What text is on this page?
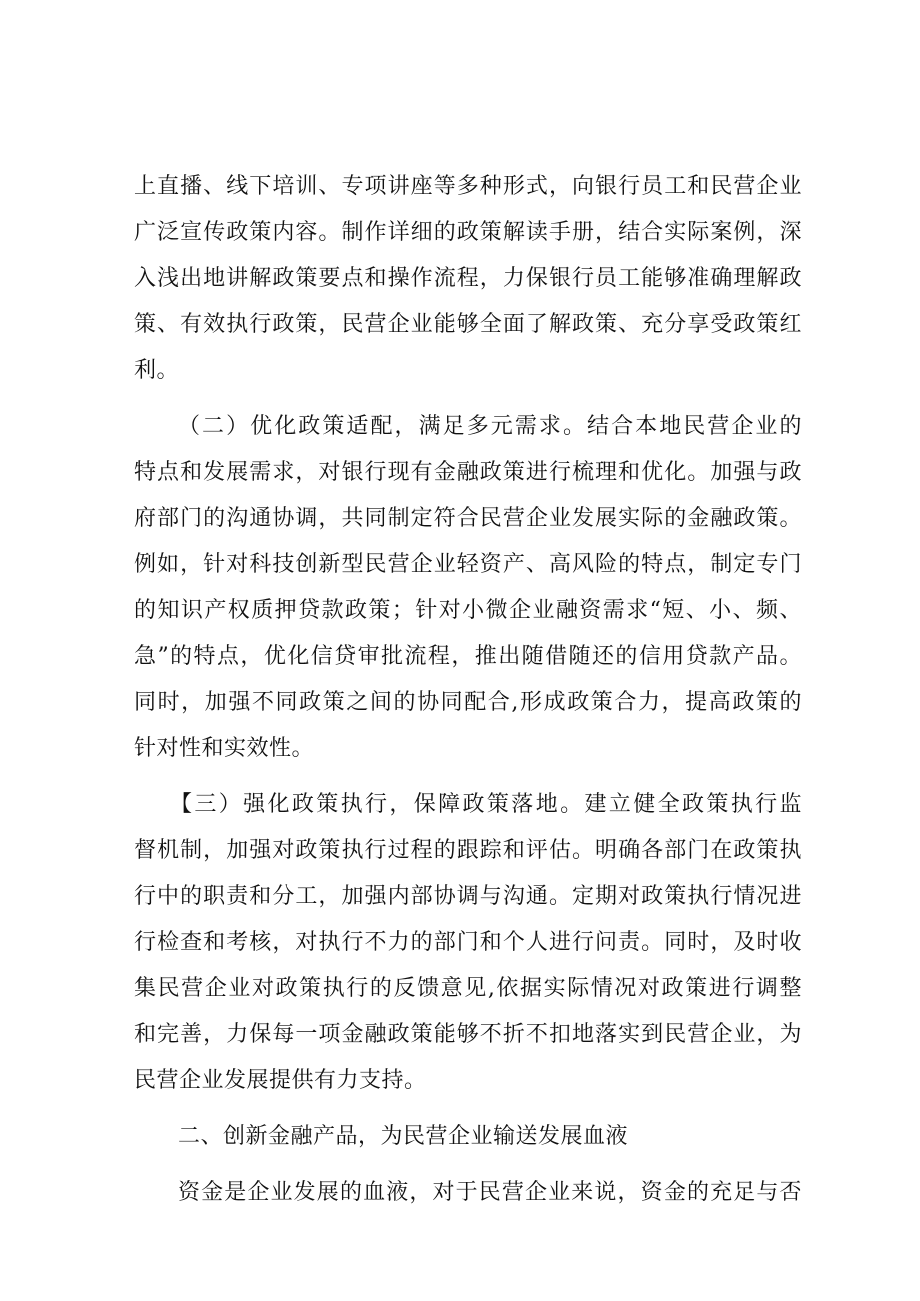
上直播、线下培训、专项讲座等多种形式，向银行员工和民营企业
广泛宣传政策内容。制作详细的政策解读手册，结合实际案例，深
入浅出地讲解政策要点和操作流程，力保银行员工能够准确理解政
策、有效执行政策，民营企业能够全面了解政策、充分享受政策红
利。
（二）优化政策适配，满足多元需求。结合本地民营企业的
特点和发展需求，对银行现有金融政策进行梳理和优化。加强与政
府部门的沟通协调，共同制定符合民营企业发展实际的金融政策。
例如，针对科技创新型民营企业轻资产、高风险的特点，制定专门
的知识产权质押贷款政策；针对小微企业融资需求“短、小、频、
急”的特点，优化信贷审批流程，推出随借随还的信用贷款产品。
同时，加强不同政策之间的协同配合,形成政策合力，提高政策的
针对性和实效性。
【三）强化政策执行，保障政策落地。建立健全政策执行监
督机制，加强对政策执行过程的跟踪和评估。明确各部门在政策执
行中的职责和分工，加强内部协调与沟通。定期对政策执行情况进
行检查和考核，对执行不力的部门和个人进行问责。同时，及时收
集民营企业对政策执行的反馈意见,依据实际情况对政策进行调整
和完善，力保每一项金融政策能够不折不扣地落实到民营企业，为
民营企业发展提供有力支持。
二、创新金融产品，为民营企业输送发展血液
资金是企业发展的血液，对于民营企业来说，资金的充足与否
